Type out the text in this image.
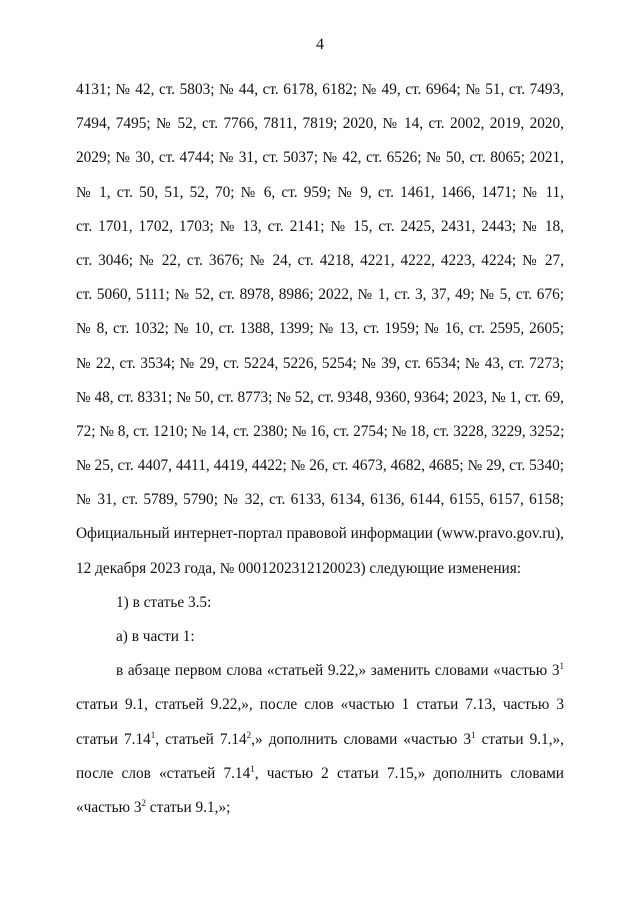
4
4131; № 42, ст. 5803; № 44, ст. 6178, 6182; № 49, ст. 6964; № 51, ст. 7493,
7494, 7495; № 52, ст. 7766, 7811, 7819; 2020, № 14, ст. 2002, 2019, 2020,
2029; № 30, ст. 4744; № 31, ст. 5037; № 42, ст. 6526; № 50, ст. 8065; 2021,
№ 1, ст. 50, 51, 52, 70; № 6, ст. 959; № 9, ст. 1461, 1466, 1471; № 11,
ст. 1701, 1702, 1703; № 13, ст. 2141; № 15, ст. 2425, 2431, 2443; № 18,
ст. 3046; № 22, ст. 3676; № 24, ст. 4218, 4221, 4222, 4223, 4224; № 27,
ст. 5060, 5111; № 52, ст. 8978, 8986; 2022, № 1, ст. 3, 37, 49; № 5, ст. 676;
№ 8, ст. 1032; № 10, ст. 1388, 1399; № 13, ст. 1959; № 16, ст. 2595, 2605;
№ 22, ст. 3534; № 29, ст. 5224, 5226, 5254; № 39, ст. 6534; № 43, ст. 7273;
№ 48, ст. 8331; № 50, ст. 8773; № 52, ст. 9348, 9360, 9364; 2023, № 1, ст. 69,
72; № 8, ст. 1210; № 14, ст. 2380; № 16, ст. 2754; № 18, ст. 3228, 3229, 3252;
№ 25, ст. 4407, 4411, 4419, 4422; № 26, ст. 4673, 4682, 4685; № 29, ст. 5340;
№ 31, ст. 5789, 5790; № 32, ст. 6133, 6134, 6136, 6144, 6155, 6157, 6158;
Официальный интернет-портал правовой информации (www.pravo.gov.ru),
12 декабря 2023 года, № 0001202312120023) следующие изменения:
1) в статье 3.5:
а) в части 1:
в абзаце первом слова «статьей 9.22,» заменить словами «частью $3^1$
статьи 9.1, статьей 9.22,», после слов «частью 1 статьи 7.13, частью 3
статьи 7.14$^1$, статьей 7.14$^2$,» дополнить словами «частью $3^1$ статьи 9.1,»,
после слов «статьей 7.14$^1$, частью 2 статьи 7.15,» дополнить словами
«частью $3^2$ статьи 9.1,»;
